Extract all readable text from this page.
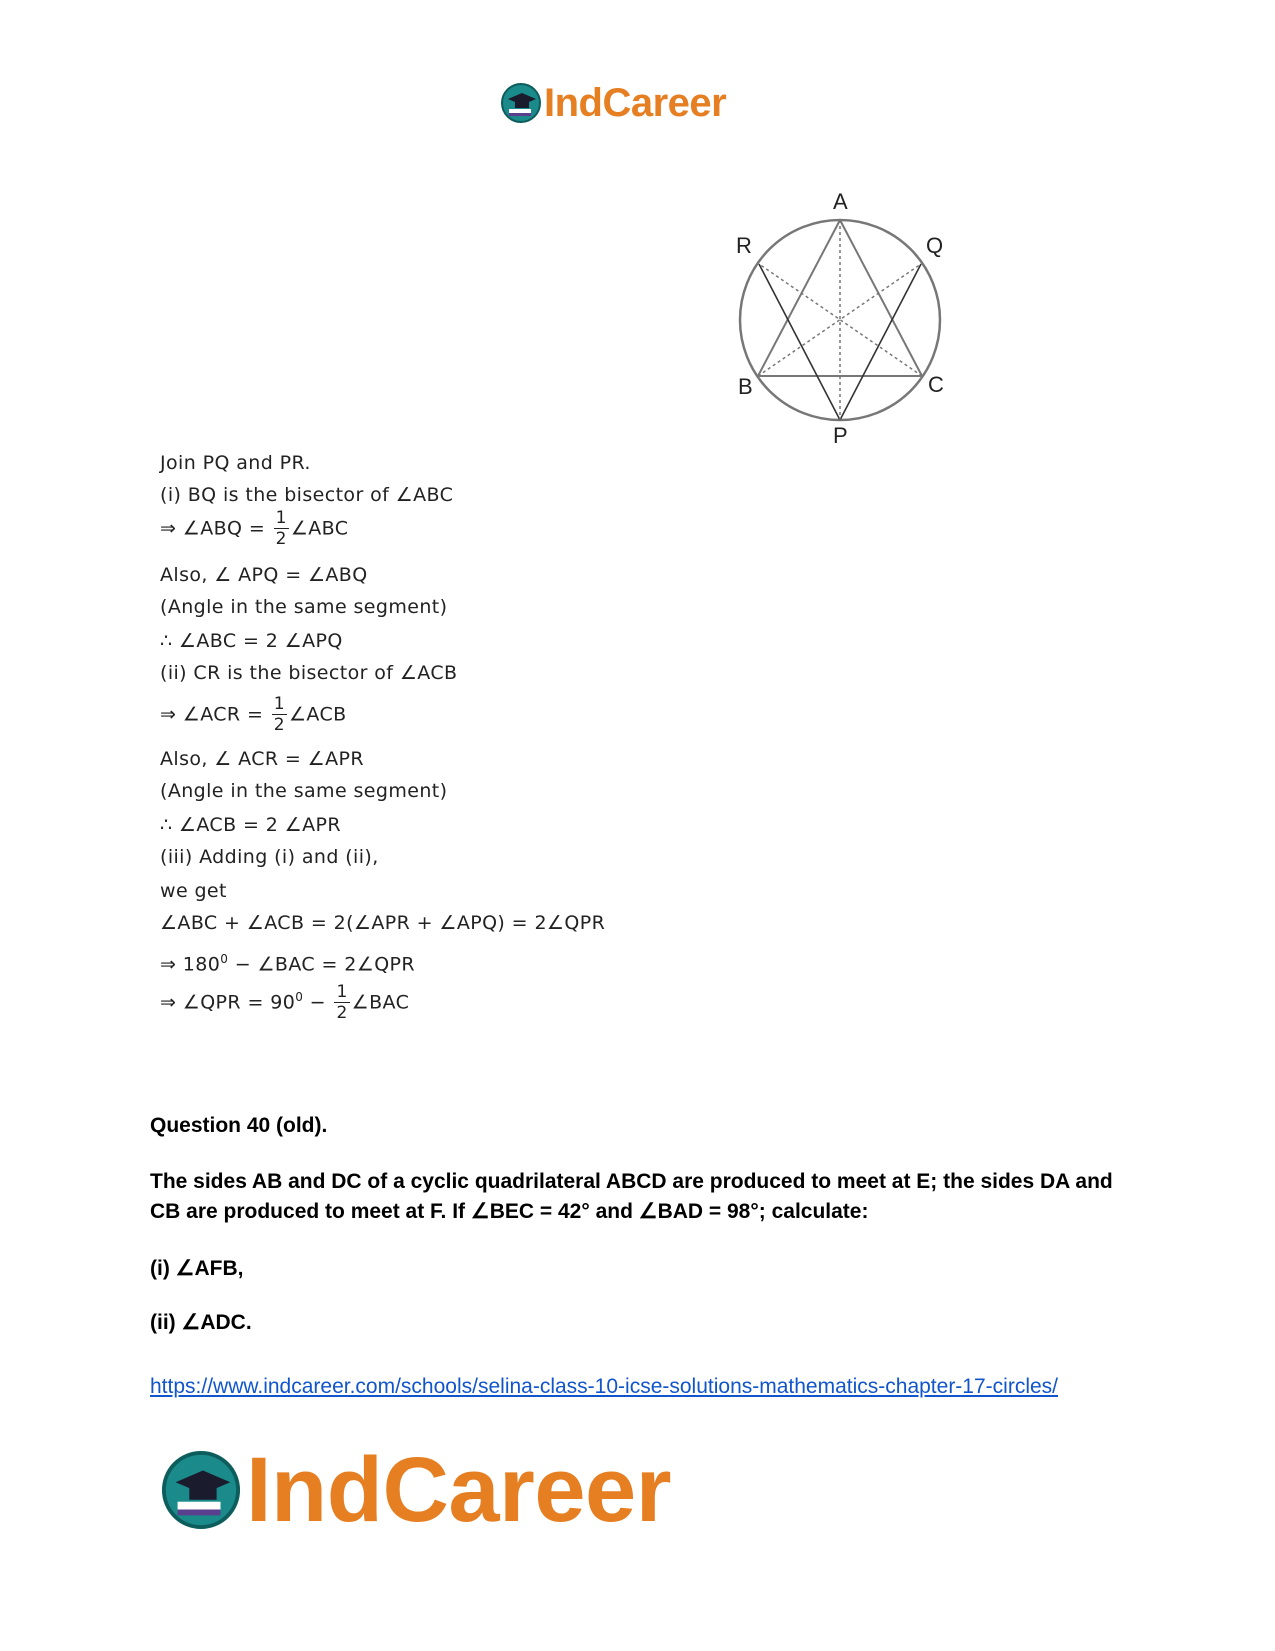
IndCareer
A
Q
R
B	C
P
Join PQ and PR.
(i) BQ is the bisector of ∠ABC
⇒ ∠ABQ = $\frac{1}{2}$ ∠ABC
Also, ∠ APQ = ∠ABQ
(Angle in the same segment)
∴ ∠ABC = 2 ∠APQ
(ii) CR is the bisector of ∠ACB
⇒ ∠ACR = $\frac{1}{2}$ ∠ACB
Also, ∠ ACR = ∠APR
(Angle in the same segment)
∴ ∠ACB = 2 ∠APR
(iii) Adding (i) and (ii),
we get
∠ABC + ∠ACB = 2(∠APR + ∠APQ) = 2∠QPR
⇒ $180^0$ − ∠BAC = 2∠QPR
⇒ ∠QPR = $90^0 - \frac{1}{2}$ ∠BAC
Question 40 (old).
The sides AB and DC of a cyclic quadrilateral ABCD are produced to meet at E; the sides DA and CB are produced to meet at F. If ∠BEC = 42° and ∠BAD = 98°; calculate:
(i) ∠AFB,
(ii) ∠ADC.
https://www.indcareer.com/schools/selina-class-10-icse-solutions-mathematics-chapter-17-circles/
IndCareer
